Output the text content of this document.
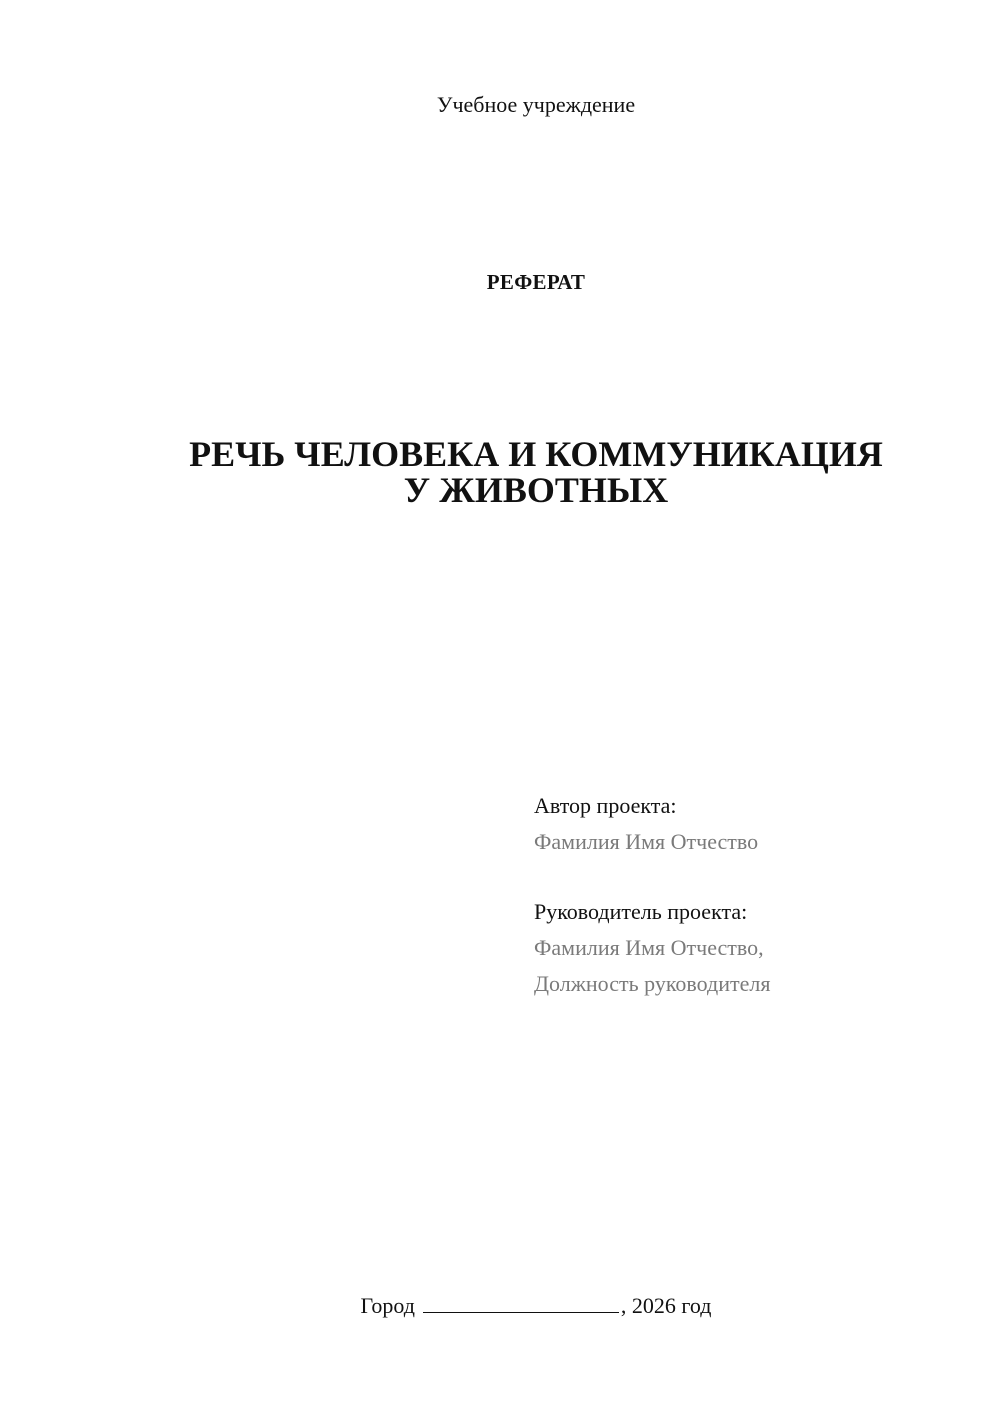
Учебное учреждение
РЕФЕРАТ
РЕЧЬ ЧЕЛОВЕКА И КОММУНИКАЦИЯ
У ЖИВОТНЫХ
Автор проекта:
Фамилия Имя Отчество
Руководитель проекта:
Фамилия Имя Отчество,
Должность руководителя
Город	, 2026 год
